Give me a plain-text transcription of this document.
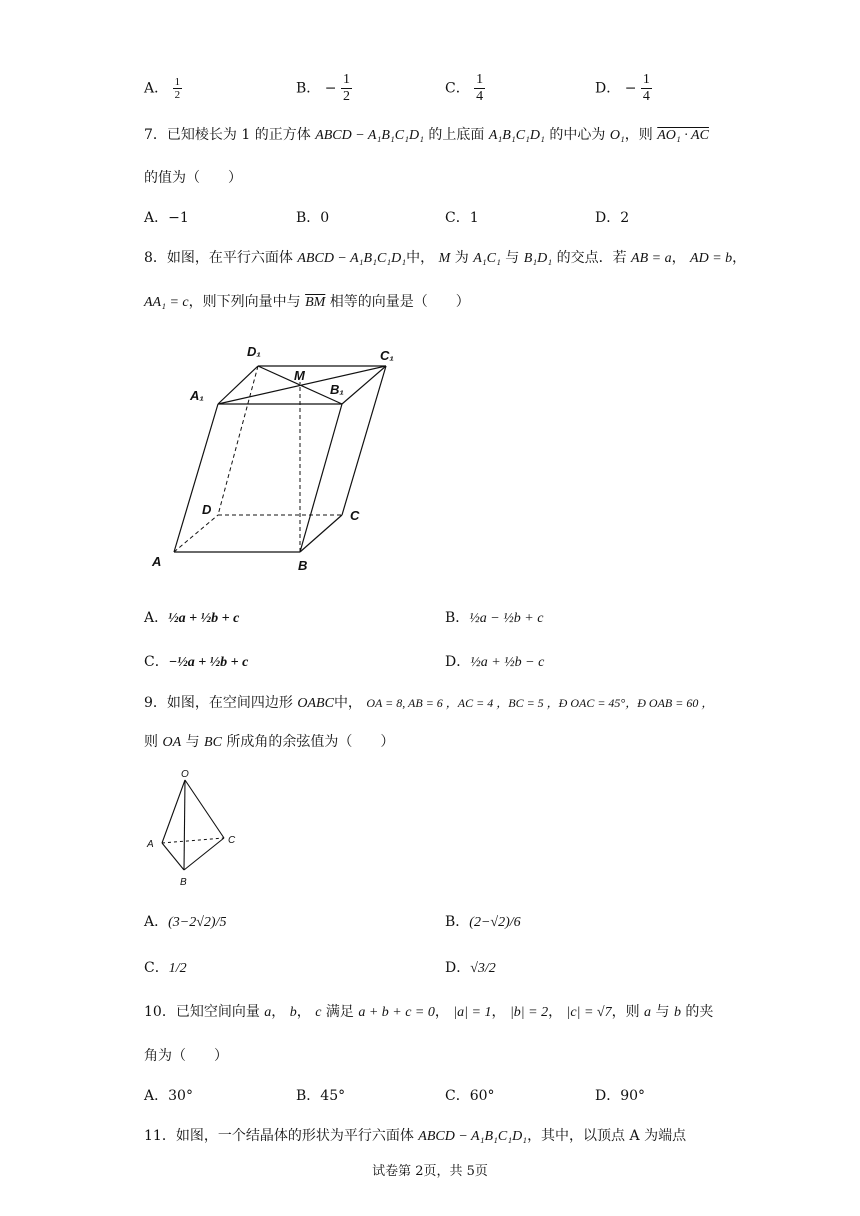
A． $\frac{1}{2}$	B． − $\frac{1}{2}$	C． $\frac{1}{4}$	D． − $\frac{1}{4}$
7．已知棱长为 1 的正方体 ABCD − A₁B₁C₁D₁ 的上底面 A₁B₁C₁D₁ 的中心为 O₁，则 AO₁ · AC
的值为（　　）
A．−1	B．0	C．1	D．2
8．如图，在平行六面体 ABCD − A₁B₁C₁D₁中， M 为 A₁C₁ 与 B₁D₁ 的交点．若 AB = a， AD = b，
AA₁ = c，则下列向量中与 $\overline{BM}$ 相等的向量是（　　）
D₁	C₁
M
A₁	B₁
D	C
A	B
A．½a + ½b + c	B．½a − ½b + c
C．−½a + ½b + c	D．½a + ½b − c
9．如图，在空间四边形 OABC中， OA = 8, AB = 6 ，AC = 4 ，BC = 5 ，Ð OAC = 45°，Ð OAB = 60 ，
则 OA 与 BC 所成角的余弦值为（　　）
O
A
B
C
A．(3−2√2)/5	B．(2−√2)/6
C．1/2	D．√3/2
10．已知空间向量 a， b， c 满足 a + b + c = 0， |a| = 1， |b| = 2， |c| = √7，则 a 与 b 的夹
角为（　　）
A．30°	B．45°	C．60°	D．90°
11．如图，一个结晶体的形状为平行六面体 ABCD − A₁B₁C₁D₁，其中，以顶点 A 为端点
试卷第 2页，共 5页
